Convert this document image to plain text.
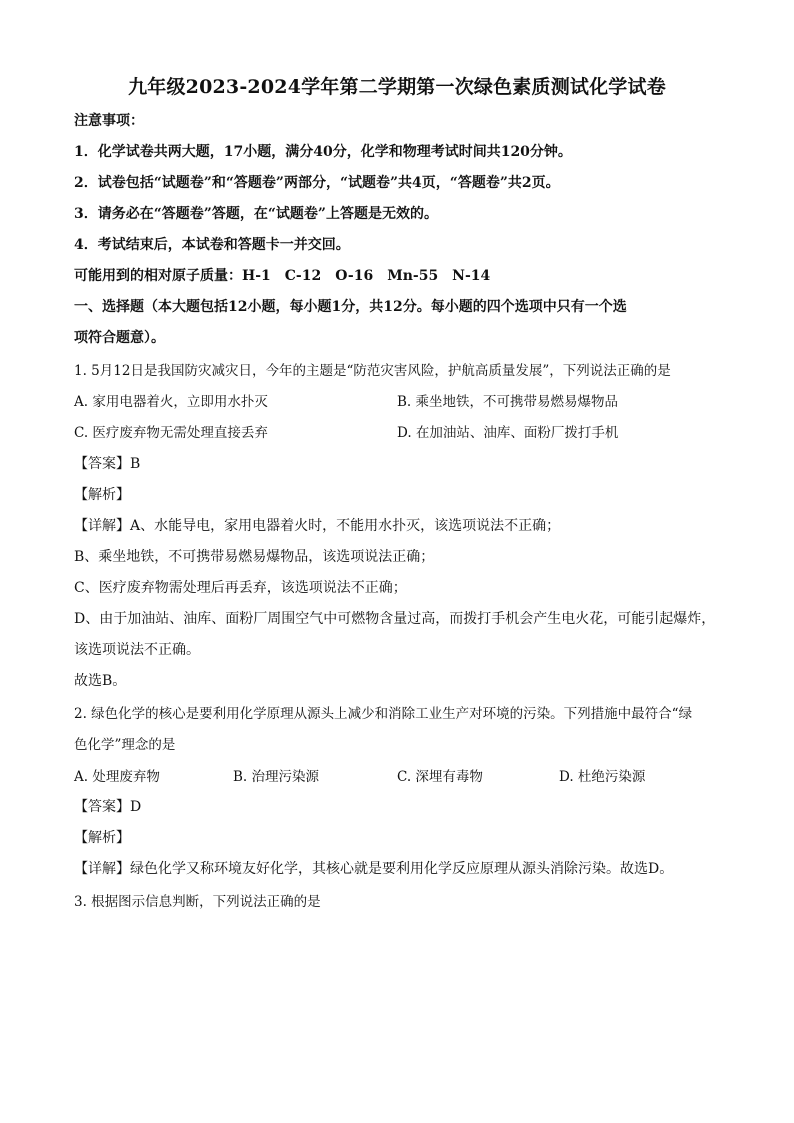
九年级2023-2024学年第二学期第一次绿色素质测试化学试卷
注意事项：
1．化学试卷共两大题，17小题，满分40分，化学和物理考试时间共120分钟。
2．试卷包括“试题卷”和“答题卷”两部分，“试题卷”共4页，“答题卷”共2页。
3．请务必在“答题卷”答题，在“试题卷”上答题是无效的。
4．考试结束后，本试卷和答题卡一并交回。
可能用到的相对原子质量：H-1　C-12　O-16　Mn-55　N-14
一、选择题（本大题包括12小题，每小题1分，共12分。每小题的四个选项中只有一个选
项符合题意）。
1. 5月12日是我国防灾减灾日，今年的主题是“防范灾害风险，护航高质量发展”，下列说法正确的是
A. 家用电器着火，立即用水扑灭	B. 乘坐地铁，不可携带易燃易爆物品
C. 医疗废弃物无需处理直接丢弃	D. 在加油站、油库、面粉厂拨打手机
【答案】B
【解析】
【详解】A、水能导电，家用电器着火时，不能用水扑灭，该选项说法不正确；
B、乘坐地铁，不可携带易燃易爆物品，该选项说法正确；
C、医疗废弃物需处理后再丢弃，该选项说法不正确；
D、由于加油站、油库、面粉厂周围空气中可燃物含量过高，而拨打手机会产生电火花，可能引起爆炸，
该选项说法不正确。
故选B。
2. 绿色化学的核心是要利用化学原理从源头上减少和消除工业生产对环境的污染。下列措施中最符合“绿
色化学”理念的是
A. 处理废弃物	B. 治理污染源	C. 深埋有毒物	D. 杜绝污染源
【答案】D
【解析】
【详解】绿色化学又称环境友好化学，其核心就是要利用化学反应原理从源头消除污染。故选D。
3. 根据图示信息判断，下列说法正确的是
